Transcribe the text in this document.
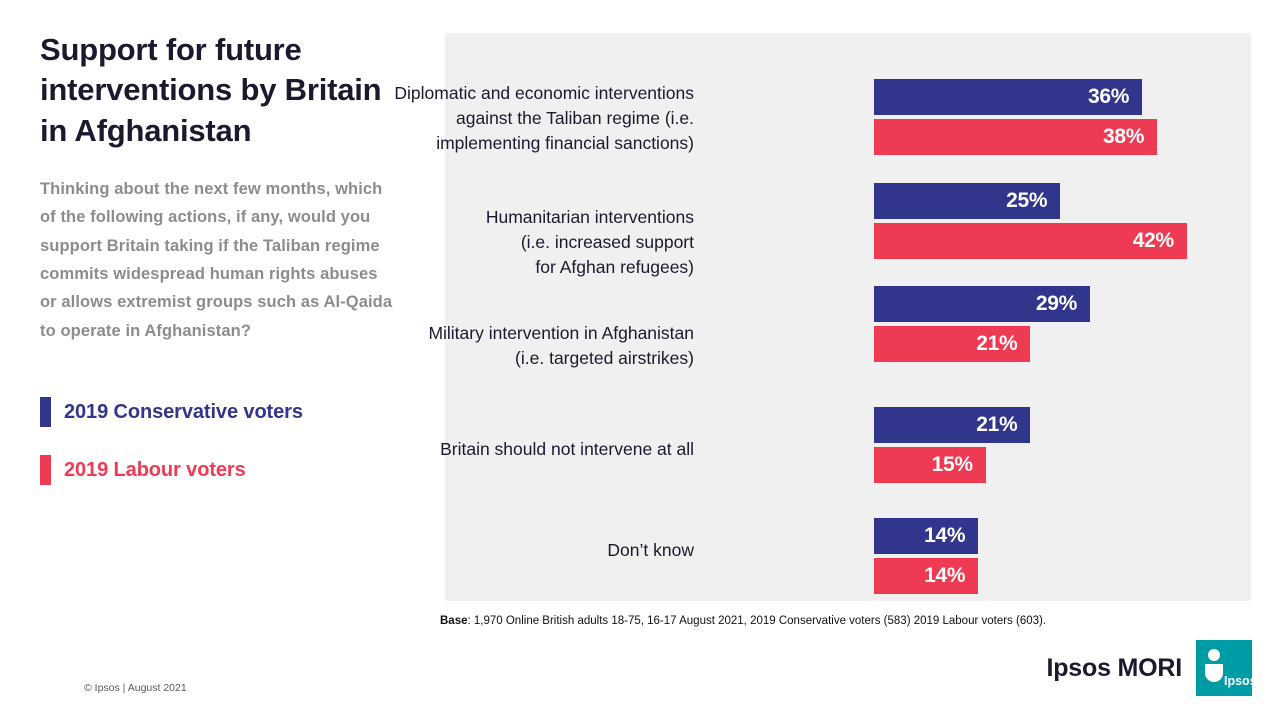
Support for future interventions by Britain in Afghanistan

Thinking about the next few months, which of the following actions, if any, would you support Britain taking if the Taliban regime commits widespread human rights abuses or allows extremist groups such as Al-Qaida to operate in Afghanistan?

2019 Conservative voters
2019 Labour voters
Diplomatic and economic interventions
against the Taliban regime (i.e.
implementing financial sanctions)
36%
38%
Humanitarian interventions
(i.e. increased support
for Afghan refugees)
25%
42%
Military intervention in Afghanistan
(i.e. targeted airstrikes)
29%
21%
Britain should not intervene at all
21%
15%
Don’t know
14%
14%
Base: 1,970 Online British adults 18-75, 16-17 August 2021, 2019 Conservative voters (583) 2019 Labour voters (603).
© Ipsos | August 2021
Ipsos MORI	Ipsos
